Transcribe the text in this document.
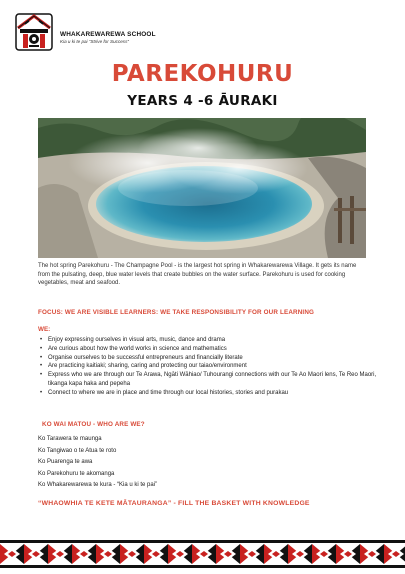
WHAKAREWAREWA SCHOOL
Kia u ki te pai “Strive for Success”
PAREKOHURU
YEARS 4 -6 ĀURAKI
The hot spring Parekohuru - The Champagne Pool - is the largest hot spring in Whakarewarewa Village. It gets its name from the pulsating, deep, blue water levels that create bubbles on the water surface. Parekohuru is used for cooking vegetables, meat and seafood.
FOCUS: WE ARE VISIBLE LEARNERS: WE TAKE RESPONSIBILITY FOR OUR LEARNING
WE:
• Enjoy expressing ourselves in visual arts, music, dance and drama
• Are curious about how the world works in science and mathematics
• Organise ourselves to be successful entrepreneurs and financially literate
• Are practicing kaitiaki; sharing, caring and protecting our taiao/environment
• Express who we are through our Te Arawa, Ngāti Wāhiao/ Tuhourangi connections with our Te Ao Maori lens, Te Reo Maori, tikanga kapa haka and pepeha
• Connect to where we are in place and time through our local histories, stories and purakau
KO WAI MATOU - WHO ARE WE?
Ko Tarawera te maunga
Ko Tangiwao o te Atua te roto
Ko Puarenga te awa
Ko Parekohuru te akomanga
Ko Whakarewarewa te kura - “Kia u ki te pai”
“WHAOWHIA TE KETE MĀTAURANGA” - FILL THE BASKET WITH KNOWLEDGE
